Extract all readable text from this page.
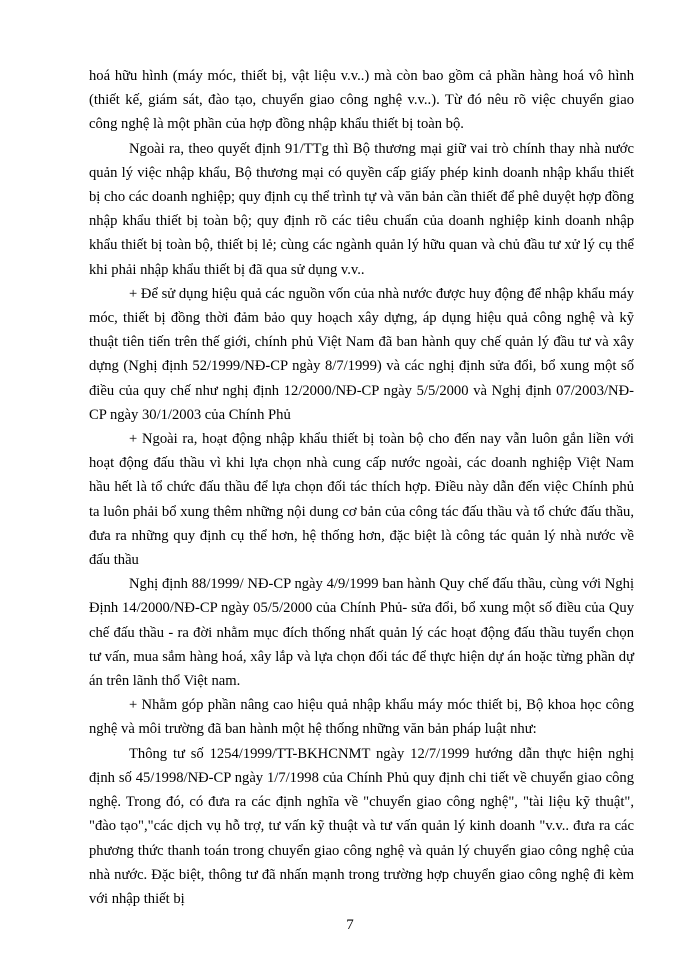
hoá hữu hình (máy móc, thiết bị, vật liệu v.v..) mà còn bao gồm cả phần hàng hoá vô hình (thiết kế, giám sát, đào tạo, chuyển giao công nghệ v.v..). Từ đó nêu rõ việc chuyển giao công nghệ là một phần của hợp đồng nhập khẩu thiết bị toàn bộ.

Ngoài ra, theo quyết định 91/TTg thì Bộ thương mại giữ vai trò chính thay nhà nước quản lý việc nhập khẩu, Bộ thương mại có quyền cấp giấy phép kinh doanh nhập khẩu thiết bị cho các doanh nghiệp; quy định cụ thể trình tự và văn bản cần thiết để phê duyệt hợp đồng nhập khẩu thiết bị toàn bộ; quy định rõ các tiêu chuẩn của doanh nghiệp kinh doanh nhập khẩu thiết bị toàn bộ, thiết bị lẻ; cùng các ngành quản lý hữu quan và chủ đầu tư xử lý cụ thể khi phải nhập khẩu thiết bị đã qua sử dụng v.v..

+ Để sử dụng hiệu quả các nguồn vốn của nhà nước được huy động để nhập khẩu máy móc, thiết bị đồng thời đảm bảo quy hoạch xây dựng, áp dụng hiệu quả công nghệ và kỹ thuật tiên tiến trên thế giới, chính phủ Việt Nam đã ban hành quy chế quản lý đầu tư và xây dựng (Nghị định 52/1999/NĐ-CP ngày 8/7/1999) và các nghị định sửa đổi, bổ xung một số điều của quy chế như nghị định 12/2000/NĐ-CP ngày 5/5/2000 và Nghị định 07/2003/NĐ-CP ngày 30/1/2003 của Chính Phủ

+ Ngoài ra, hoạt động nhập khẩu thiết bị toàn bộ cho đến nay vẫn luôn gắn liền với hoạt động đấu thầu vì khi lựa chọn nhà cung cấp nước ngoài, các doanh nghiệp Việt Nam hầu hết là tổ chức đấu thầu để lựa chọn đối tác thích hợp. Điều này dẫn đến việc Chính phủ ta luôn phải bổ xung thêm những nội dung cơ bản của công tác đấu thầu và tổ chức đấu thầu, đưa ra những quy định cụ thể hơn, hệ thống hơn, đặc biệt là công tác quản lý nhà nước về đấu thầu

Nghị định 88/1999/ NĐ-CP ngày 4/9/1999 ban hành Quy chế đấu thầu, cùng với Nghị Định 14/2000/NĐ-CP ngày 05/5/2000 của Chính Phủ- sửa đổi, bổ xung một số điều của Quy chế đấu thầu - ra đời nhằm mục đích thống nhất quản lý các hoạt động đấu thầu tuyển chọn tư vấn, mua sắm hàng hoá, xây lắp và lựa chọn đối tác để thực hiện dự án hoặc từng phần dự án trên lãnh thổ Việt nam.

+ Nhằm góp phần nâng cao hiệu quả nhập khẩu máy móc thiết bị, Bộ khoa học công nghệ và môi trường đã ban hành một hệ thống những văn bản pháp luật như:

Thông tư số 1254/1999/TT-BKHCNMT ngày 12/7/1999 hướng dẫn thực hiện nghị định số 45/1998/NĐ-CP ngày 1/7/1998 của Chính Phủ quy định chi tiết về chuyển giao công nghệ. Trong đó, có đưa ra các định nghĩa về "chuyển giao công nghệ", "tài liệu kỹ thuật", "đào tạo","các dịch vụ hỗ trợ, tư vấn kỹ thuật và tư vấn quản lý kinh doanh "v.v.. đưa ra các phương thức thanh toán trong chuyển giao công nghệ và quản lý chuyển giao công nghệ của nhà nước. Đặc biệt, thông tư đã nhấn mạnh trong trường hợp chuyển giao công nghệ đi kèm với nhập thiết bị

7
